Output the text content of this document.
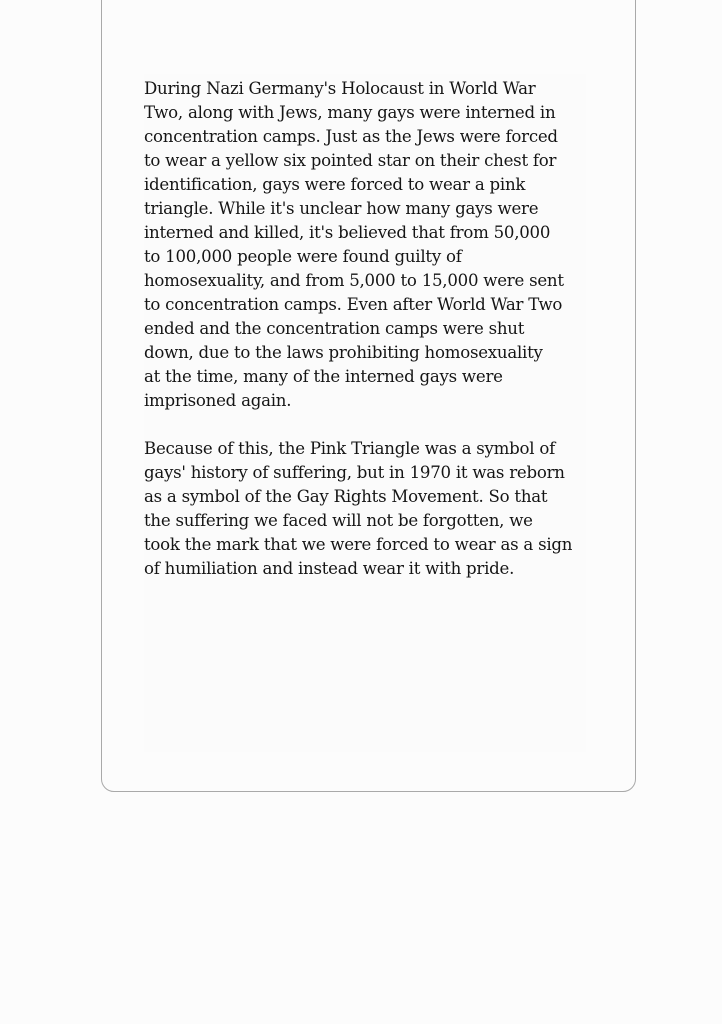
During Nazi Germany's Holocaust in World War
Two, along with Jews, many gays were interned in
concentration camps. Just as the Jews were forced
to wear a yellow six pointed star on their chest for
identification, gays were forced to wear a pink
triangle. While it's unclear how many gays were
interned and killed, it's believed that from 50,000
to 100,000 people were found guilty of
homosexuality, and from 5,000 to 15,000 were sent
to concentration camps. Even after World War Two
ended and the concentration camps were shut
down, due to the laws prohibiting homosexuality
at the time, many of the interned gays were
imprisoned again.

Because of this, the Pink Triangle was a symbol of
gays' history of suffering, but in 1970 it was reborn
as a symbol of the Gay Rights Movement. So that
the suffering we faced will not be forgotten, we
took the mark that we were forced to wear as a sign
of humiliation and instead wear it with pride.
